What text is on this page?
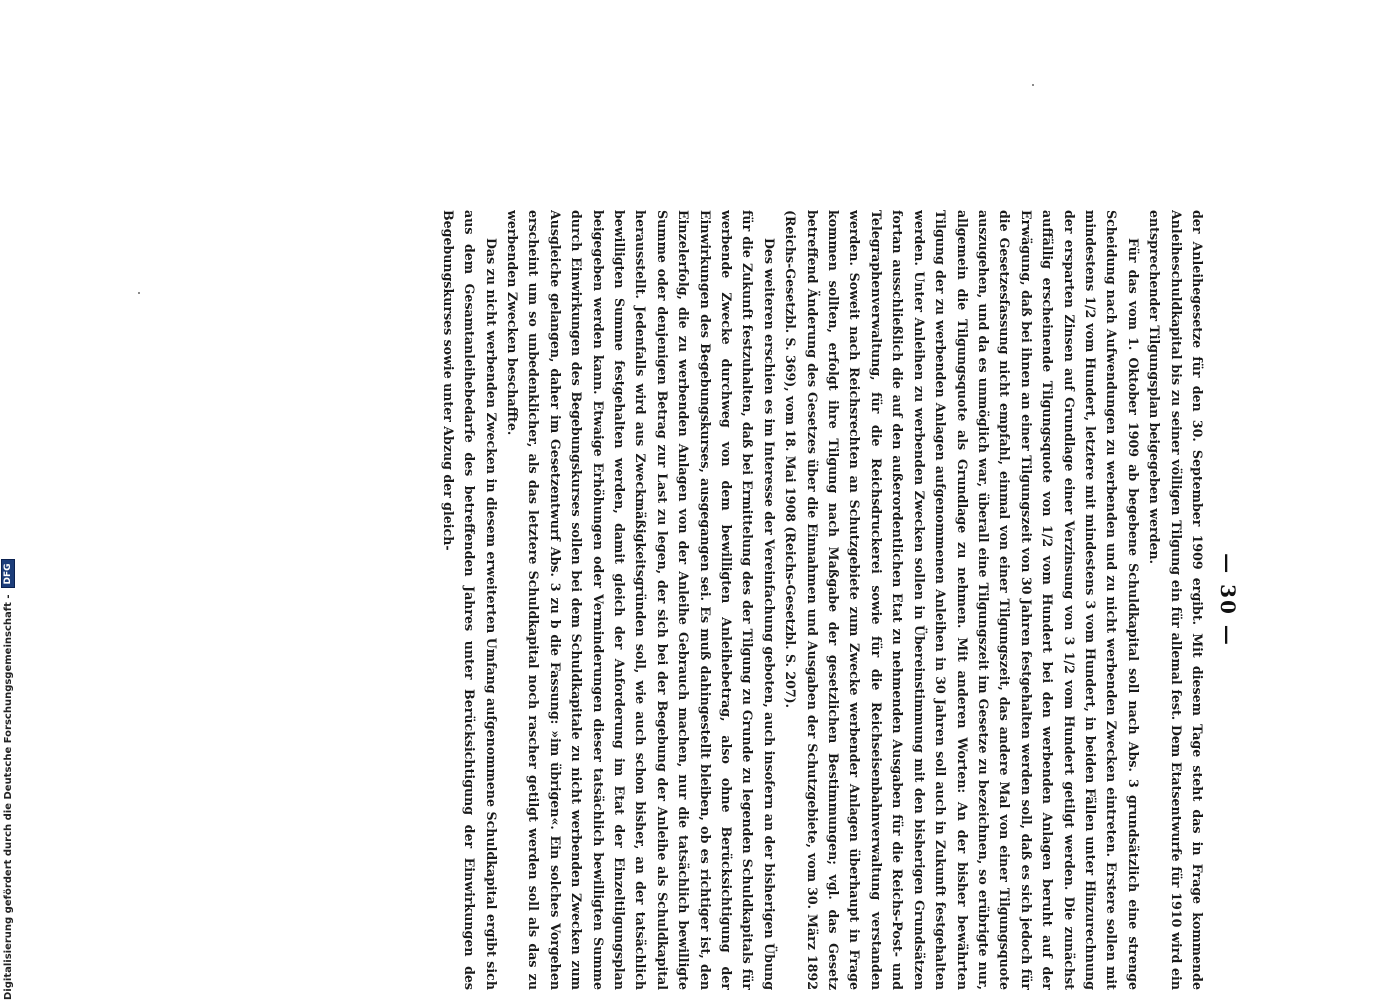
Digitalisierung gefördert durch die Deutsche Forschungsgemeinschaft -
DFG	— 30 —

der Anleihegesetze für den 30. September 1909 ergibt. Mit diesem Tage steht das in Frage kommende Anleiheschuldkapital bis zu seiner völligen Tilgung ein für allemal fest. Dem Etatsentwurfe für 1910 wird ein entsprechender Tilgungsplan beigegeben werden.

Für das vom 1. Oktober 1909 ab begebene Schuldkapital soll nach Abs. 3 grundsätzlich eine strenge Scheidung nach Aufwendungen zu werbenden und zu nicht werbenden Zwecken eintreten. Erstere sollen mit mindestens 1/2 vom Hundert, letztere mit mindestens 3 vom Hundert, in beiden Fällen unter Hinzurechnung der ersparten Zinsen auf Grundlage einer Verzinsung von 3 1/2 vom Hundert getilgt werden. Die zunächst auffällig erscheinende Tilgungsquote von 1/2 vom Hundert bei den werbenden Anlagen beruht auf der Erwägung, daß bei ihnen an einer Tilgungszeit von 30 Jahren festgehalten werden soll, daß es sich jedoch für die Gesetzesfassung nicht empfahl, einmal von einer Tilgungszeit, das andere Mal von einer Tilgungsquote auszugehen, und da es unmöglich war, überall eine Tilgungszeit im Gesetze zu bezeichnen, so erübrigte nur, allgemein die Tilgungsquote als Grundlage zu nehmen. Mit anderen Worten: An der bisher bewährten Tilgung der zu werbenden Anlagen aufgenommenen Anleihen in 30 Jahren soll auch in Zukunft festgehalten werden. Unter Anleihen zu werbenden Zwecken sollen in Übereinstimmung mit den bisherigen Grundsätzen fortan ausschließlich die auf den außerordentlichen Etat zu nehmenden Ausgaben für die Reichs-Post- und Telegraphenverwaltung, für die Reichsdruckerei sowie für die Reichseisenbahnverwaltung verstanden werden. Soweit nach Reichsrechten an Schutzgebiete zum Zwecke werbender Anlagen überhaupt in Frage kommen sollten, erfolgt ihre Tilgung nach Maßgabe der gesetzlichen Bestimmungen; vgl. das Gesetz betreffend Änderung des Gesetzes über die Einnahmen und Ausgaben der Schutzgebiete, vom 30. März 1892 (Reichs-Gesetzbl. S. 369), vom 18. Mai 1908 (Reichs-Gesetzbl. S. 207).

Des weiteren erschien es im Interesse der Vereinfachung geboten, auch insofern an der bisherigen Übung für die Zukunft festzuhalten, daß bei Ermittelung des der Tilgung zu Grunde zu legenden Schuldkapitals für werbende Zwecke durchweg von dem bewilligten Anleihebetrag, also ohne Berücksichtigung der Einwirkungen des Begebungskurses, ausgegangen sei. Es muß dahingestellt bleiben, ob es richtiger ist, den Einzelerfolg, die zu werbenden Anlagen von der Anleihe Gebrauch machen, nur die tatsächlich bewilligte Summe oder denjenigen Betrag zur Last zu legen, der sich bei der Begebung der Anleihe als Schuldkapital herausstellt. Jedenfalls wird aus Zweckmäßigkeitsgründen soll, wie auch schon bisher, an der tatsächlich bewilligten Summe festgehalten werden, damit gleich der Anforderung im Etat der Einzeltilgungsplan beigegeben werden kann. Etwaige Erhöhungen oder Verminderungen dieser tatsächlich bewilligten Summe durch Einwirkungen des Begebungskurses sollen bei dem Schuldkapitale zu nicht werbenden Zwecken zum Ausgleiche gelangen, daher im Gesetzentwurf Abs. 3 zu b die Fassung: »im übrigen«. Ein solches Vorgehen erscheint um so unbedenklicher, als das letztere Schuldkapital noch rascher getilgt werden soll als das zu werbenden Zwecken beschaffte.

Das zu nicht werbenden Zwecken in diesem erweiterten Umfang aufgenommene Schuldkapital ergibt sich aus dem Gesamtanleihebedarfe des betreffenden Jahres unter Berücksichtigung der Einwirkungen des Begebungskurses sowie unter Abzug der gleich-
